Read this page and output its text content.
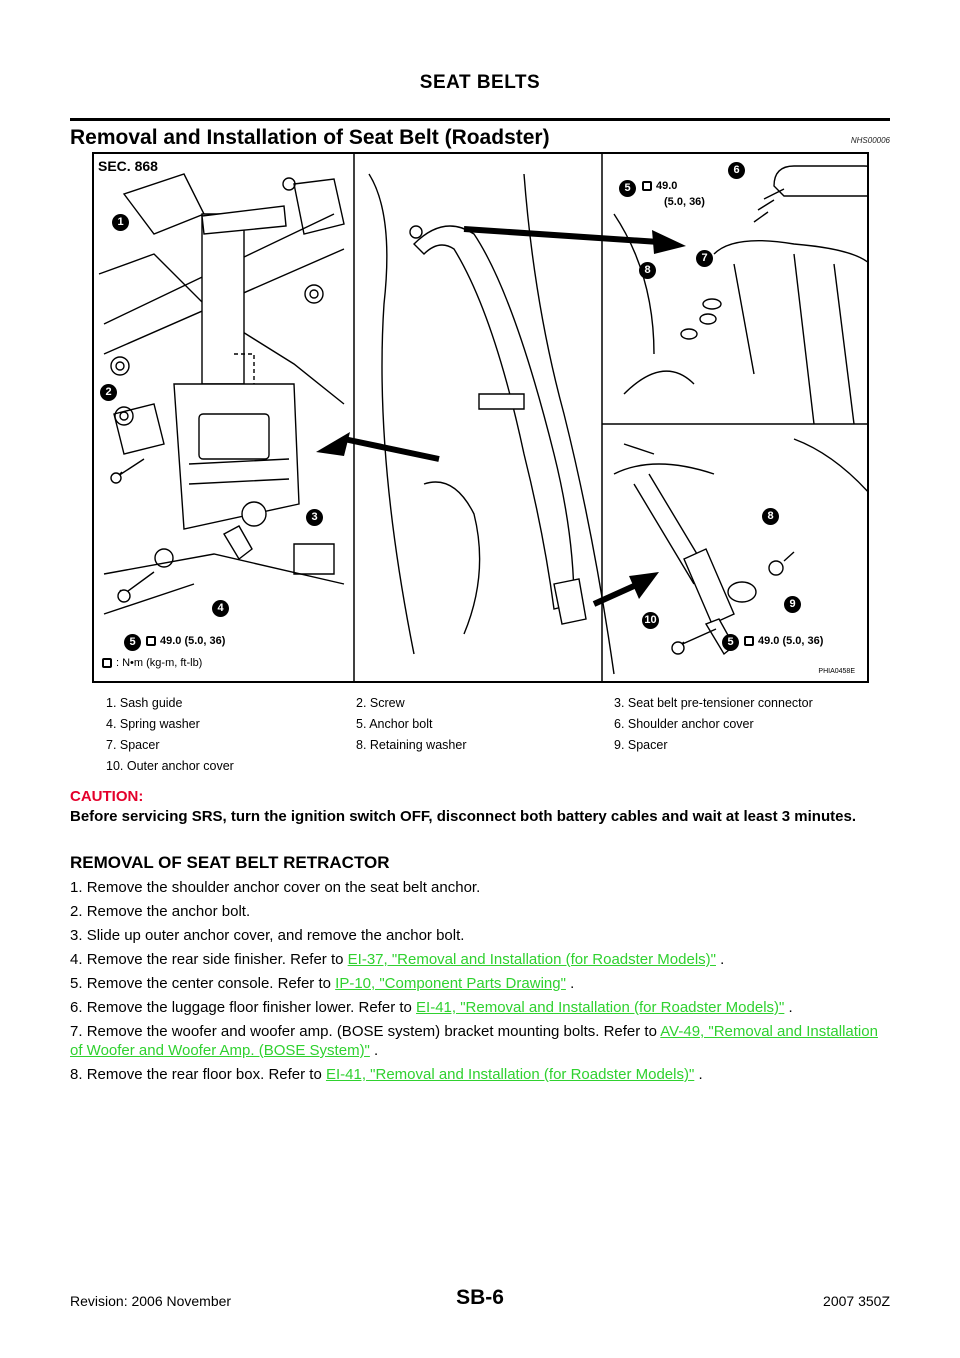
SEAT BELTS
Removal and Installation of Seat Belt (Roadster)	NHS00006
SEC. 868
1
2
3
4
5
5
6
7
8
8
9
10
5
49.0 (5.0, 36)
49.0
(5.0, 36)
49.0 (5.0, 36)
: N•m (kg-m, ft-lb)
PHIA0458E
1. Sash guide	2. Screw	3. Seat belt pre-tensioner connector
4. Spring washer	5. Anchor bolt	6. Shoulder anchor cover
7. Spacer	8. Retaining washer	9. Spacer
10. Outer anchor cover
CAUTION:
Before servicing SRS, turn the ignition switch OFF, disconnect both battery cables and wait at least 3 minutes.
REMOVAL OF SEAT BELT RETRACTOR
1. Remove the shoulder anchor cover on the seat belt anchor.
2. Remove the anchor bolt.
3. Slide up outer anchor cover, and remove the anchor bolt.
4. Remove the rear side finisher. Refer to EI-37, "Removal and Installation (for Roadster Models)" .
5. Remove the center console. Refer to IP-10, "Component Parts Drawing" .
6. Remove the luggage floor finisher lower. Refer to EI-41, "Removal and Installation (for Roadster Models)" .
7. Remove the woofer and woofer amp. (BOSE system) bracket mounting bolts. Refer to AV-49, "Removal and Installation of Woofer and Woofer Amp. (BOSE System)" .
8. Remove the rear floor box. Refer to EI-41, "Removal and Installation (for Roadster Models)" .
Revision: 2006 November	SB-6	2007 350Z
